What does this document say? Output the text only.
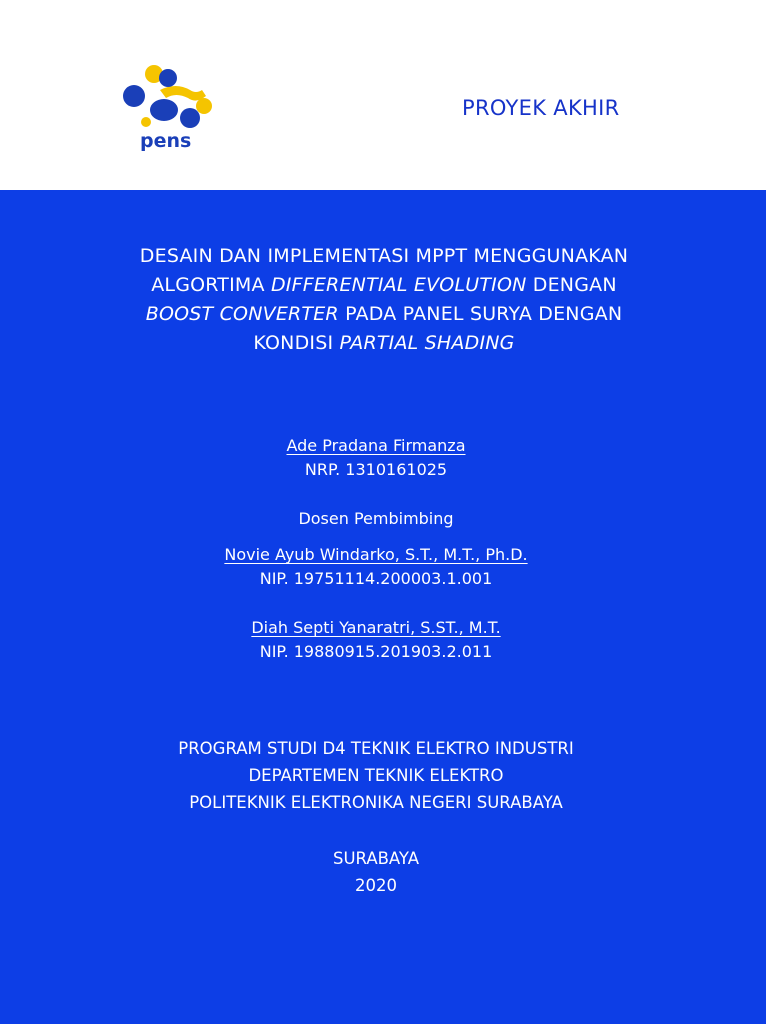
pens
PROYEK AKHIR
DESAIN DAN IMPLEMENTASI MPPT MENGGUNAKAN
ALGORTIMA DIFFERENTIAL EVOLUTION DENGAN
BOOST CONVERTER PADA PANEL SURYA DENGAN
KONDISI PARTIAL SHADING
Ade Pradana Firmanza
NRP. 1310161025
Dosen Pembimbing
Novie Ayub Windarko, S.T., M.T., Ph.D.
NIP. 19751114.200003.1.001
Diah Septi Yanaratri, S.ST., M.T.
NIP. 19880915.201903.2.011
PROGRAM STUDI D4 TEKNIK ELEKTRO INDUSTRI
DEPARTEMEN TEKNIK ELEKTRO
POLITEKNIK ELEKTRONIKA NEGERI SURABAYA
SURABAYA
2020
